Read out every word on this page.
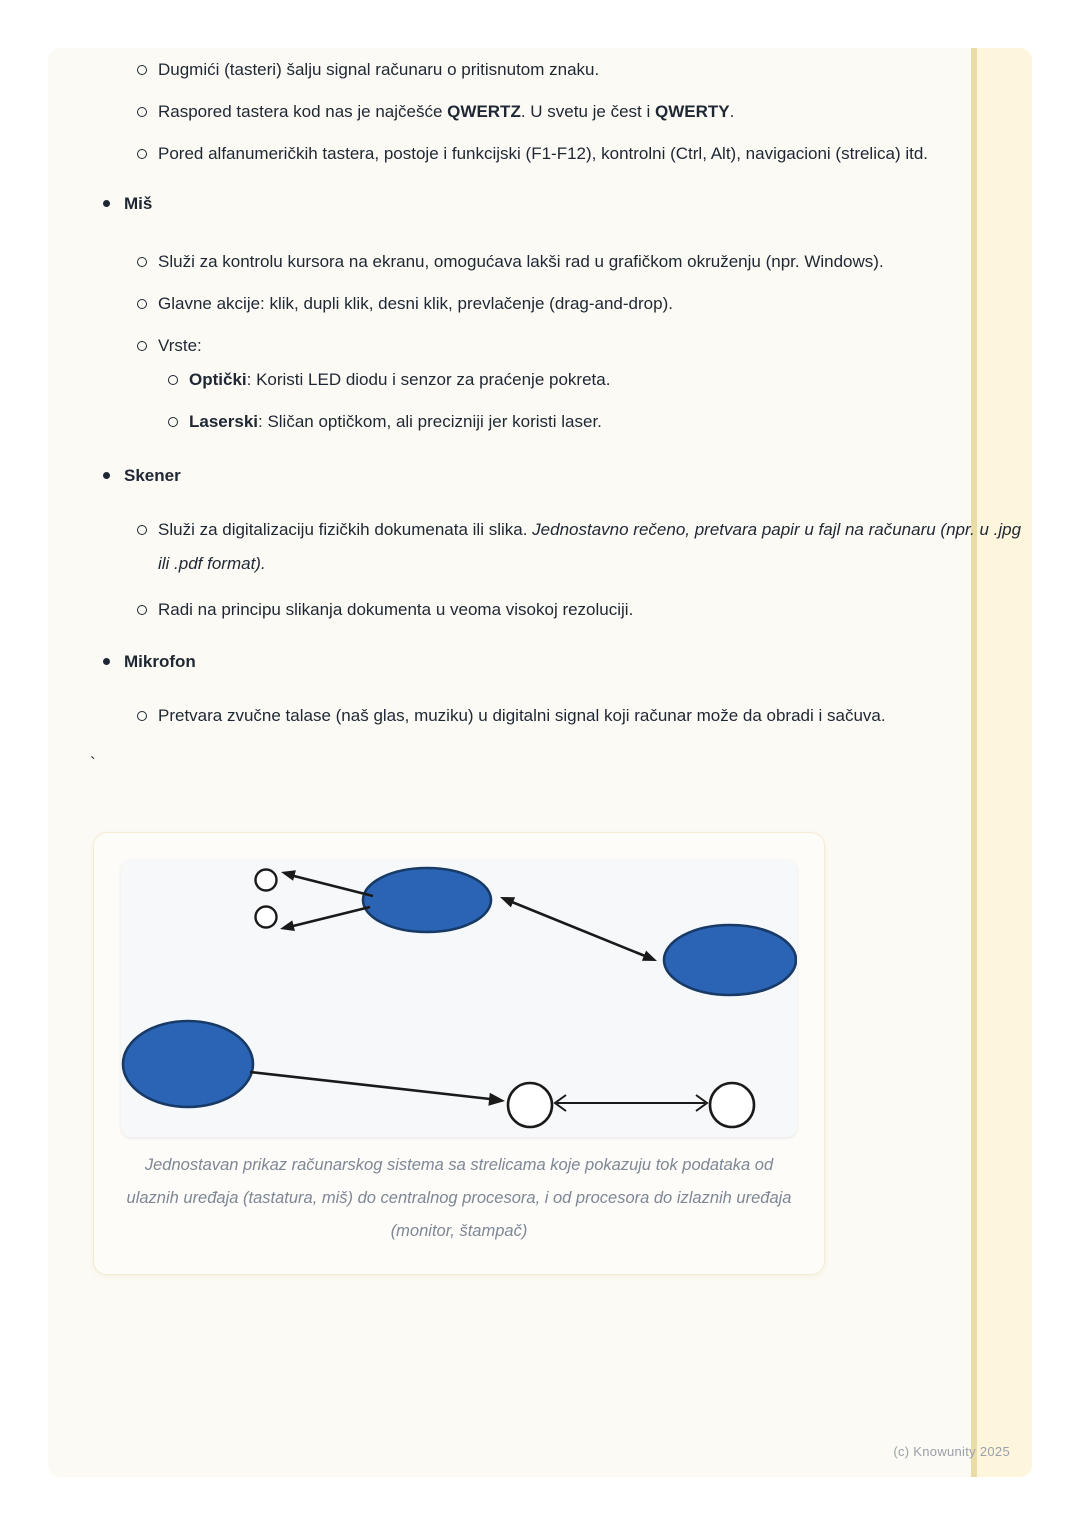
Dugmići (tasteri) šalju signal računaru o pritisnutom znaku.
Raspored tastera kod nas je najčešće QWERTZ. U svetu je čest i QWERTY.
Pored alfanumeričkih tastera, postoje i funkcijski (F1-F12), kontrolni (Ctrl, Alt), navigacioni (strelica) itd.
Miš
Služi za kontrolu kursora na ekranu, omogućava lakši rad u grafičkom okruženju (npr. Windows).
Glavne akcije: klik, dupli klik, desni klik, prevlačenje (drag-and-drop).
Vrste:
Optički: Koristi LED diodu i senzor za praćenje pokreta.
Laserski: Sličan optičkom, ali precizniji jer koristi laser.
Skener
Služi za digitalizaciju fizičkih dokumenata ili slika. Jednostavno rečeno, pretvara papir u fajl na računaru (npr. u .jpg ili .pdf format).
Radi na principu slikanja dokumenta u veoma visokoj rezoluciji.
Mikrofon
Pretvara zvučne talase (naš glas, muziku) u digitalni signal koji računar može da obradi i sačuva.
`
Jednostavan prikaz računarskog sistema sa strelicama koje pokazuju tok podataka od ulaznih uređaja (tastatura, miš) do centralnog procesora, i od procesora do izlaznih uređaja (monitor, štampač)
(c) Knowunity 2025
